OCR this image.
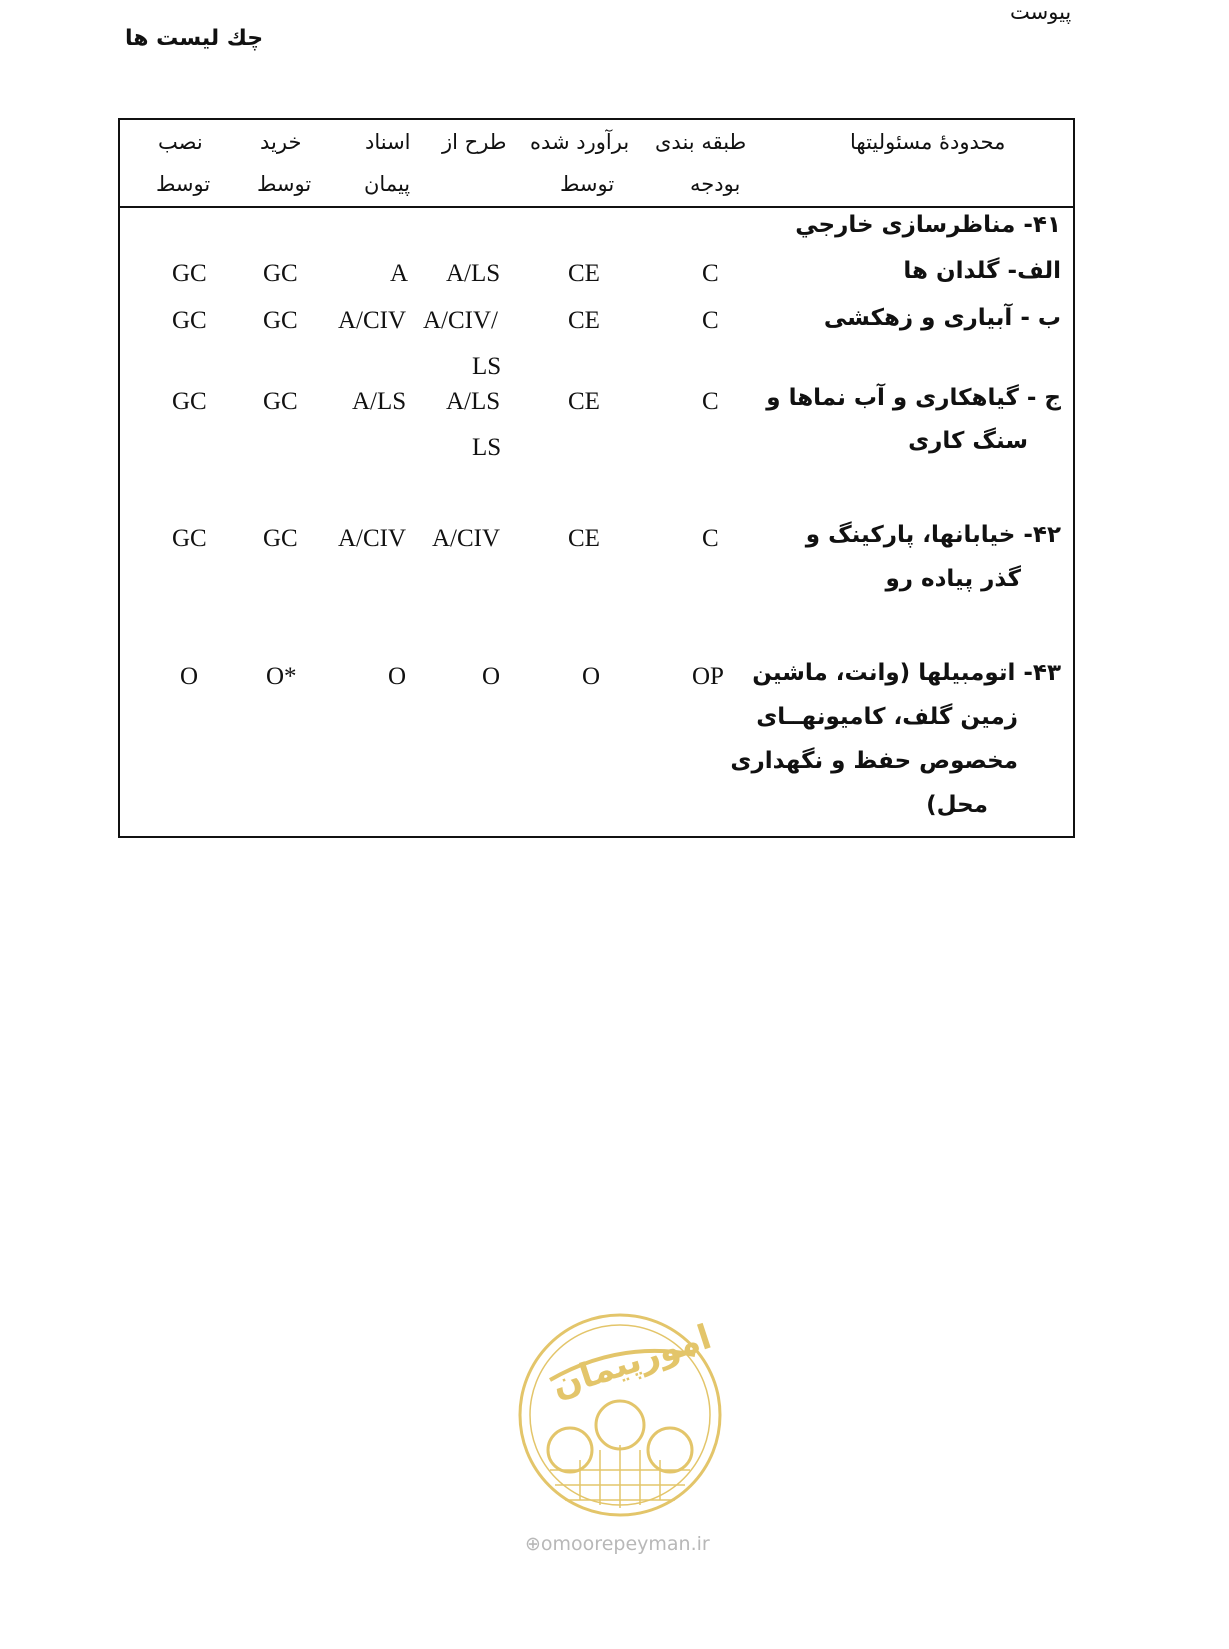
پیوست
چك ليست ها
محدودهٔ مسئوليتها
طبقه بندی
بودجه
برآورد شده
توسط
طرح از
اسناد
پیمان
خرید
توسط
نصب
توسط
۴۱- مناظرسازی خارجي
الف- گلدان ها
C
CE
A/LS
A
GC
GC
ب - آبیاری و زهکشی
C
CE
A/CIV/
LS
A/CIV
GC
GC
ج - گیاهکاری و آب نماها و
سنگ کاری
C
CE
A/LS
LS
A/LS
GC
GC
۴۲- خیابانها، پارکینگ و
گذر پیاده رو
C
CE
A/CIV
A/CIV
GC
GC
۴۳- اتومبیلها (وانت، ماشین
زمین گلف، کامیونهــای
مخصوص حفظ و نگهداری
محل)
OP
O
O
O
O*
O
امورپیمان
⊕omoorepeyman.ir
